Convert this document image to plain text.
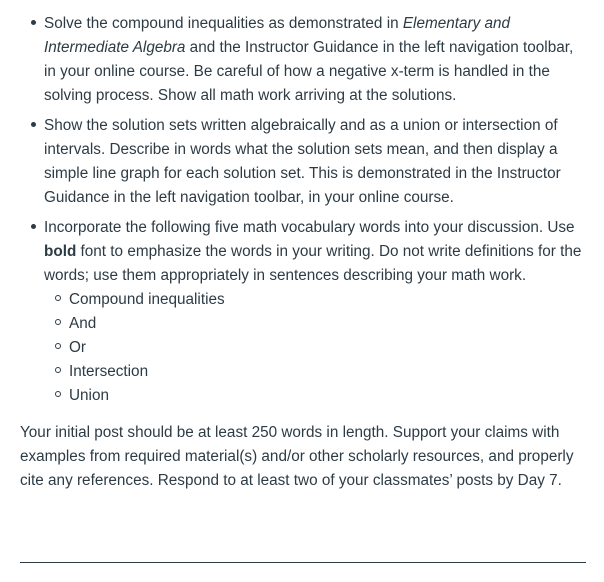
Solve the compound inequalities as demonstrated in Elementary and Intermediate Algebra and the Instructor Guidance in the left navigation toolbar, in your online course. Be careful of how a negative x-term is handled in the solving process. Show all math work arriving at the solutions.
Show the solution sets written algebraically and as a union or intersection of intervals. Describe in words what the solution sets mean, and then display a simple line graph for each solution set. This is demonstrated in the Instructor Guidance in the left navigation toolbar, in your online course.
Incorporate the following five math vocabulary words into your discussion. Use bold font to emphasize the words in your writing. Do not write definitions for the words; use them appropriately in sentences describing your math work.
Compound inequalities
And
Or
Intersection
Union

Your initial post should be at least 250 words in length. Support your claims with examples from required material(s) and/or other scholarly resources, and properly cite any references. Respond to at least two of your classmates’ posts by Day 7.
